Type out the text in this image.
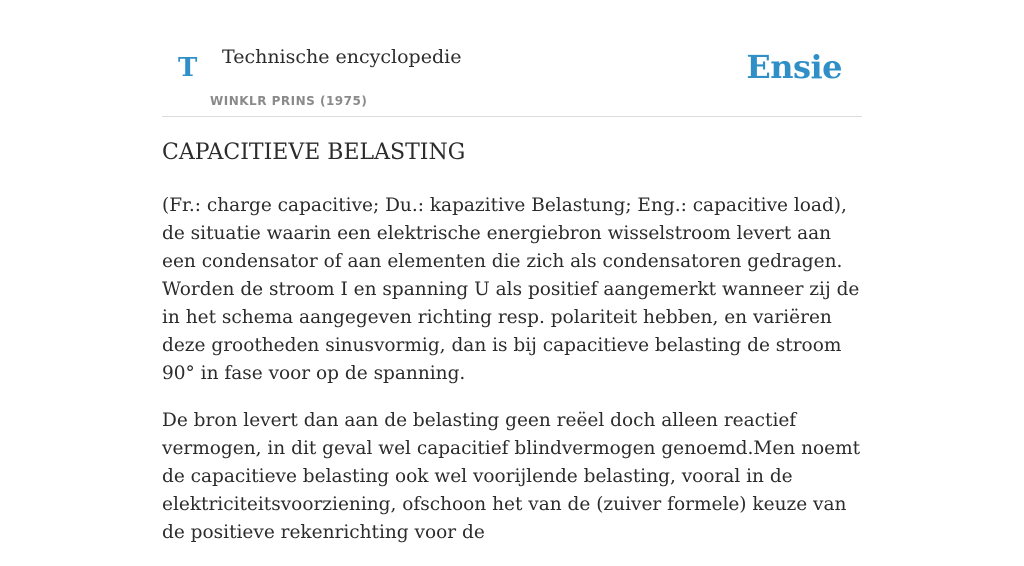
T Technische encyclopedie
WINKLR PRINS (1975)
Ensie
CAPACITIEVE BELASTING

(Fr.: charge capacitive; Du.: kapazitive Belastung; Eng.: capacitive load), de situatie waarin een elektrische energiebron wisselstroom levert aan een condensator of aan elementen die zich als condensatoren gedragen. Worden de stroom I en spanning U als positief aangemerkt wanneer zij de in het schema aangegeven richting resp. polariteit hebben, en variëren deze grootheden sinusvormig, dan is bij capacitieve belasting de stroom 90° in fase voor op de spanning.

De bron levert dan aan de belasting geen reëel doch alleen reactief vermogen, in dit geval wel capacitief blindvermogen genoemd.Men noemt de capacitieve belasting ook wel voorijlende belasting, vooral in de elektriciteitsvoorziening, ofschoon het van de (zuiver formele) keuze van de positieve rekenrichting voor de
